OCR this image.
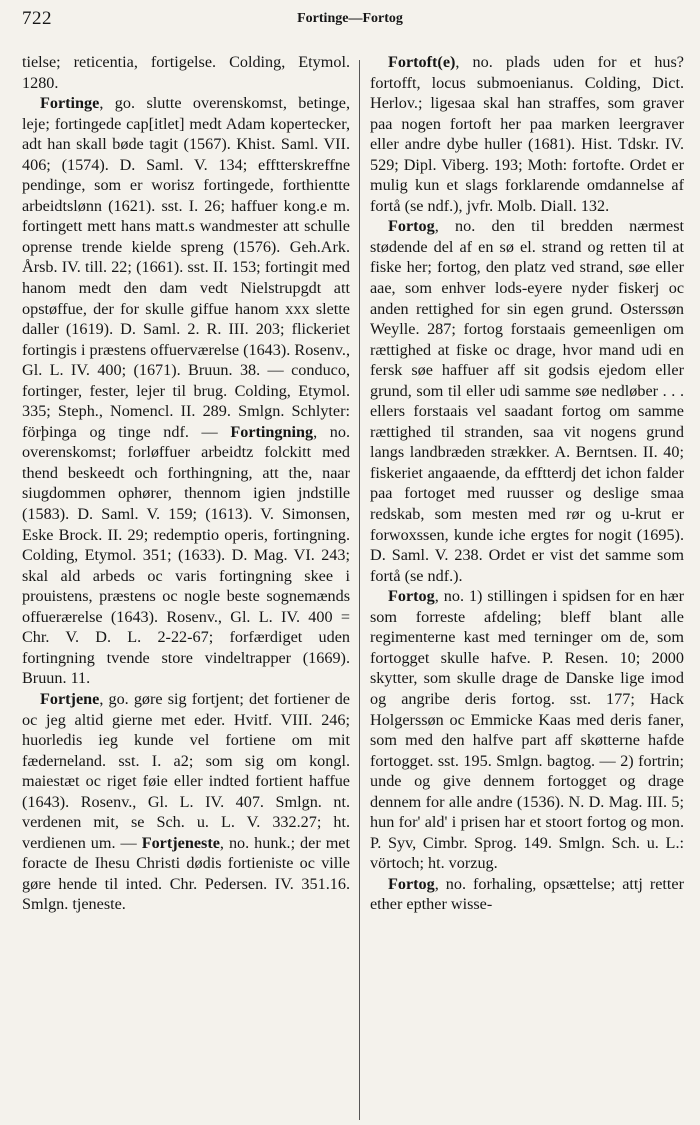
722	Fortinge—Fortog

tielse; reticentia, fortigelse. Colding, Etymol. 1280.

Fortinge, go. slutte overenskomst, betinge, leje; fortingede cap[itlet] medt Adam kopertecker, adt han skall bøde tagit (1567). Khist. Saml. VII. 406; (1574). D. Saml. V. 134; efftterskreffne pendinge, som er worisz fortingede, forthientte arbeidtslønn (1621). sst. I. 26; haffuer kong.e m. fortingett mett hans matt.s wandmester att schulle oprense trende kielde spreng (1576). Geh.Ark. Årsb. IV. till. 22; (1661). sst. II. 153; fortingit med hanom medt den dam vedt Nielstrupgdt att opstøffue, der for skulle giffue hanom xxx slette daller (1619). D. Saml. 2. R. III. 203; flickeriet fortingis i præstens offuerværelse (1643). Rosenv., Gl. L. IV. 400; (1671). Bruun. 38. — conduco, fortinger, fester, lejer til brug. Colding, Etymol. 335; Steph., Nomencl. II. 289. Smlgn. Schlyter: förþinga og tinge ndf. — Fortingning, no. overenskomst; forløffuer arbeidtz folckitt med thend beskeedt och forthingning, att the, naar siugdommen ophører, thennom igien jndstille (1583). D. Saml. V. 159; (1613). V. Simonsen, Eske Brock. II. 29; redemptio operis, fortingning. Colding, Etymol. 351; (1633). D. Mag. VI. 243; skal ald arbeds oc varis fortingning skee i prouistens, præstens oc nogle beste sognemænds offuerærelse (1643). Rosenv., Gl. L. IV. 400 = Chr. V. D. L. 2-22-67; forfærdiget uden fortingning tvende store vindeltrapper (1669). Bruun. 11.

Fortjene, go. gøre sig fortjent; det fortiener de oc jeg altid gierne met eder. Hvitf. VIII. 246; huorledis ieg kunde vel fortiene om mit fæderneland. sst. I. a2; som sig om kongl. maiestæt oc riget føie eller indted fortient haffue (1643). Rosenv., Gl. L. IV. 407. Smlgn. nt. verdenen mit, se Sch. u. L. V. 332.27; ht. verdienen um. — Fortjeneste, no. hunk.; der met foracte de Ihesu Christi dødis fortieniste oc ville gøre hende til inted. Chr. Pedersen. IV. 351.16. Smlgn. tjeneste.

Fortoft(e), no. plads uden for et hus? fortofft, locus submoenianus. Colding, Dict. Herlov.; ligesaa skal han straffes, som graver paa nogen fortoft her paa marken leergraver eller andre dybe huller (1681). Hist. Tdskr. IV. 529; Dipl. Viberg. 193; Moth: fortofte. Ordet er mulig kun et slags forklarende omdannelse af fortå (se ndf.), jvfr. Molb. Diall. 132.

Fortog, no. den til bredden nærmest stødende del af en sø el. strand og retten til at fiske her; fortog, den platz ved strand, søe eller aae, som enhver lods-eyere nyder fiskerj oc anden rettighed for sin egen grund. Osterssøn Weylle. 287; fortog forstaais gemeenligen om rættighed at fiske oc drage, hvor mand udi en fersk søe haffuer aff sit godsis ejedom eller grund, som til eller udi samme søe nedløber . . . ellers forstaais vel saadant fortog om samme rættighed til stranden, saa vit nogens grund langs landbræden strækker. A. Berntsen. II. 40; fiskeriet angaaende, da efftterdj det ichon falder paa fortoget med ruusser og deslige smaa redskab, som mesten med rør og u-krut er forwoxssen, kunde iche ergtes for nogit (1695). D. Saml. V. 238. Ordet er vist det samme som fortå (se ndf.).

Fortog, no. 1) stillingen i spidsen for en hær som forreste afdeling; bleff blant alle regimenterne kast med terninger om de, som fortogget skulle hafve. P. Resen. 10; 2000 skytter, som skulle drage de Danske lige imod og angribe deris fortog. sst. 177; Hack Holgerssøn oc Emmicke Kaas med deris faner, som med den halfve part aff skøtterne hafde fortogget. sst. 195. Smlgn. bagtog. — 2) fortrin; unde og give dennem fortogget og drage dennem for alle andre (1536). N. D. Mag. III. 5; hun for' ald' i prisen har et stoort fortog og mon. P. Syv, Cimbr. Sprog. 149. Smlgn. Sch. u. L.: vörtoch; ht. vorzug.

Fortog, no. forhaling, opsættelse; attj retter ether epther wisse-
